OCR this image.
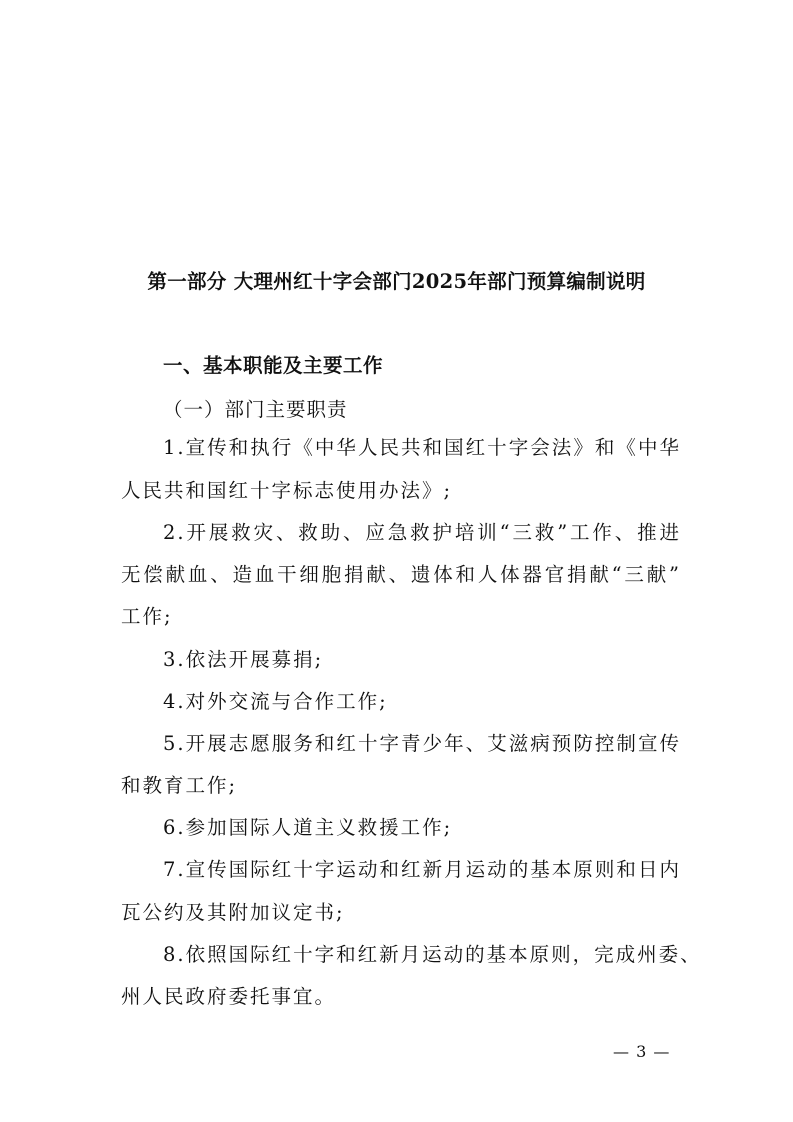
第一部分 大理州红十字会部门2025年部门预算编制说明
一、基本职能及主要工作
（一）部门主要职责
1.宣传和执行《中华人民共和国红十字会法》和《中华
人民共和国红十字标志使用办法》;
2.开展救灾、救助、应急救护培训“三救”工作、推进
无偿献血、造血干细胞捐献、遗体和人体器官捐献“三献”
工作;
3.依法开展募捐;
4.对外交流与合作工作;
5.开展志愿服务和红十字青少年、艾滋病预防控制宣传
和教育工作;
6.参加国际人道主义救援工作;
7.宣传国际红十字运动和红新月运动的基本原则和日内
瓦公约及其附加议定书;
8.依照国际红十字和红新月运动的基本原则，完成州委、
州人民政府委托事宜。
— 3 —
